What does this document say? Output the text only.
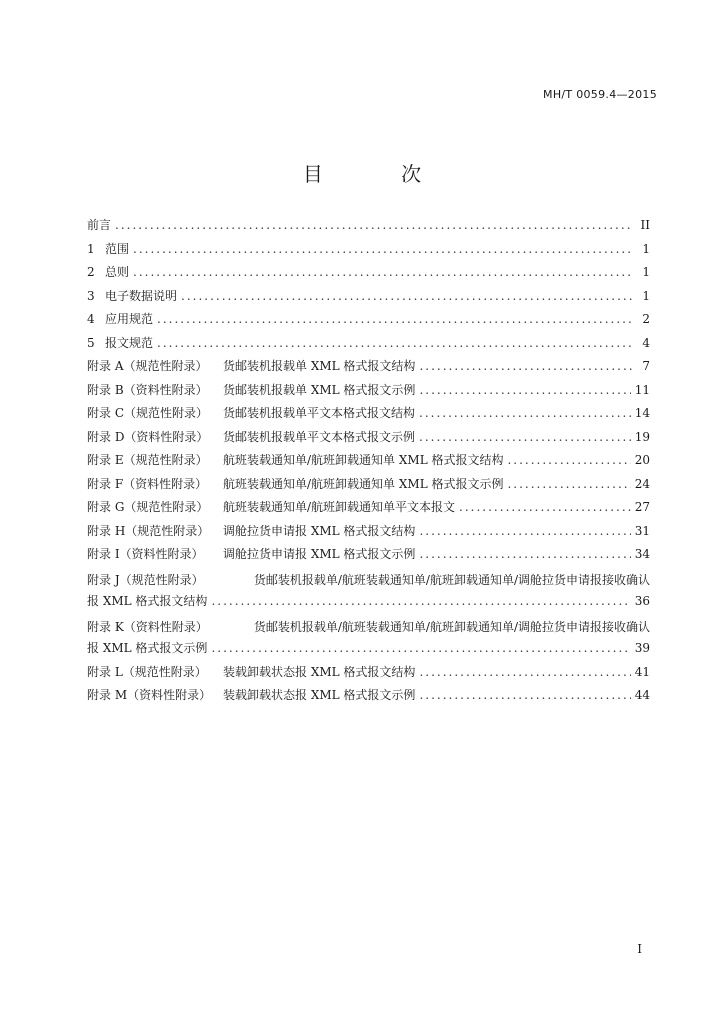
MH/T 0059.4—2015
目 次
前言 .....	II
1 范围 .....	1
2 总则 .....	1
3 电子数据说明 .....	1
4 应用规范 .....	2
5 报文规范 .....	4
附录 A（规范性附录）	货邮装机报载单 XML 格式报文结构 .....	7
附录 B（资料性附录）	货邮装机报载单 XML 格式报文示例 .....	11
附录 C（规范性附录）	货邮装机报载单平文本格式报文结构 .....	14
附录 D（资料性附录）	货邮装机报载单平文本格式报文示例 .....	19
附录 E（规范性附录）	航班装载通知单/航班卸载通知单 XML 格式报文结构 .....	20
附录 F（资料性附录）	航班装载通知单/航班卸载通知单 XML 格式报文示例 .....	24
附录 G（规范性附录）	航班装载通知单/航班卸载通知单平文本报文 .....	27
附录 H（规范性附录）	调舱拉货申请报 XML 格式报文结构 .....	31
附录 I（资料性附录）	调舱拉货申请报 XML 格式报文示例 .....	34
附录 J（规范性附录）	货邮装机报载单/航班装载通知单/航班卸载通知单/调舱拉货申请报接收确认
报 XML 格式报文结构 .....	36
附录 K（资料性附录）	货邮装机报载单/航班装载通知单/航班卸载通知单/调舱拉货申请报接收确认
报 XML 格式报文示例 .....	39
附录 L（规范性附录）	装载卸载状态报 XML 格式报文结构 .....	41
附录 M（资料性附录） 装载卸载状态报 XML 格式报文示例 .....	44
I
